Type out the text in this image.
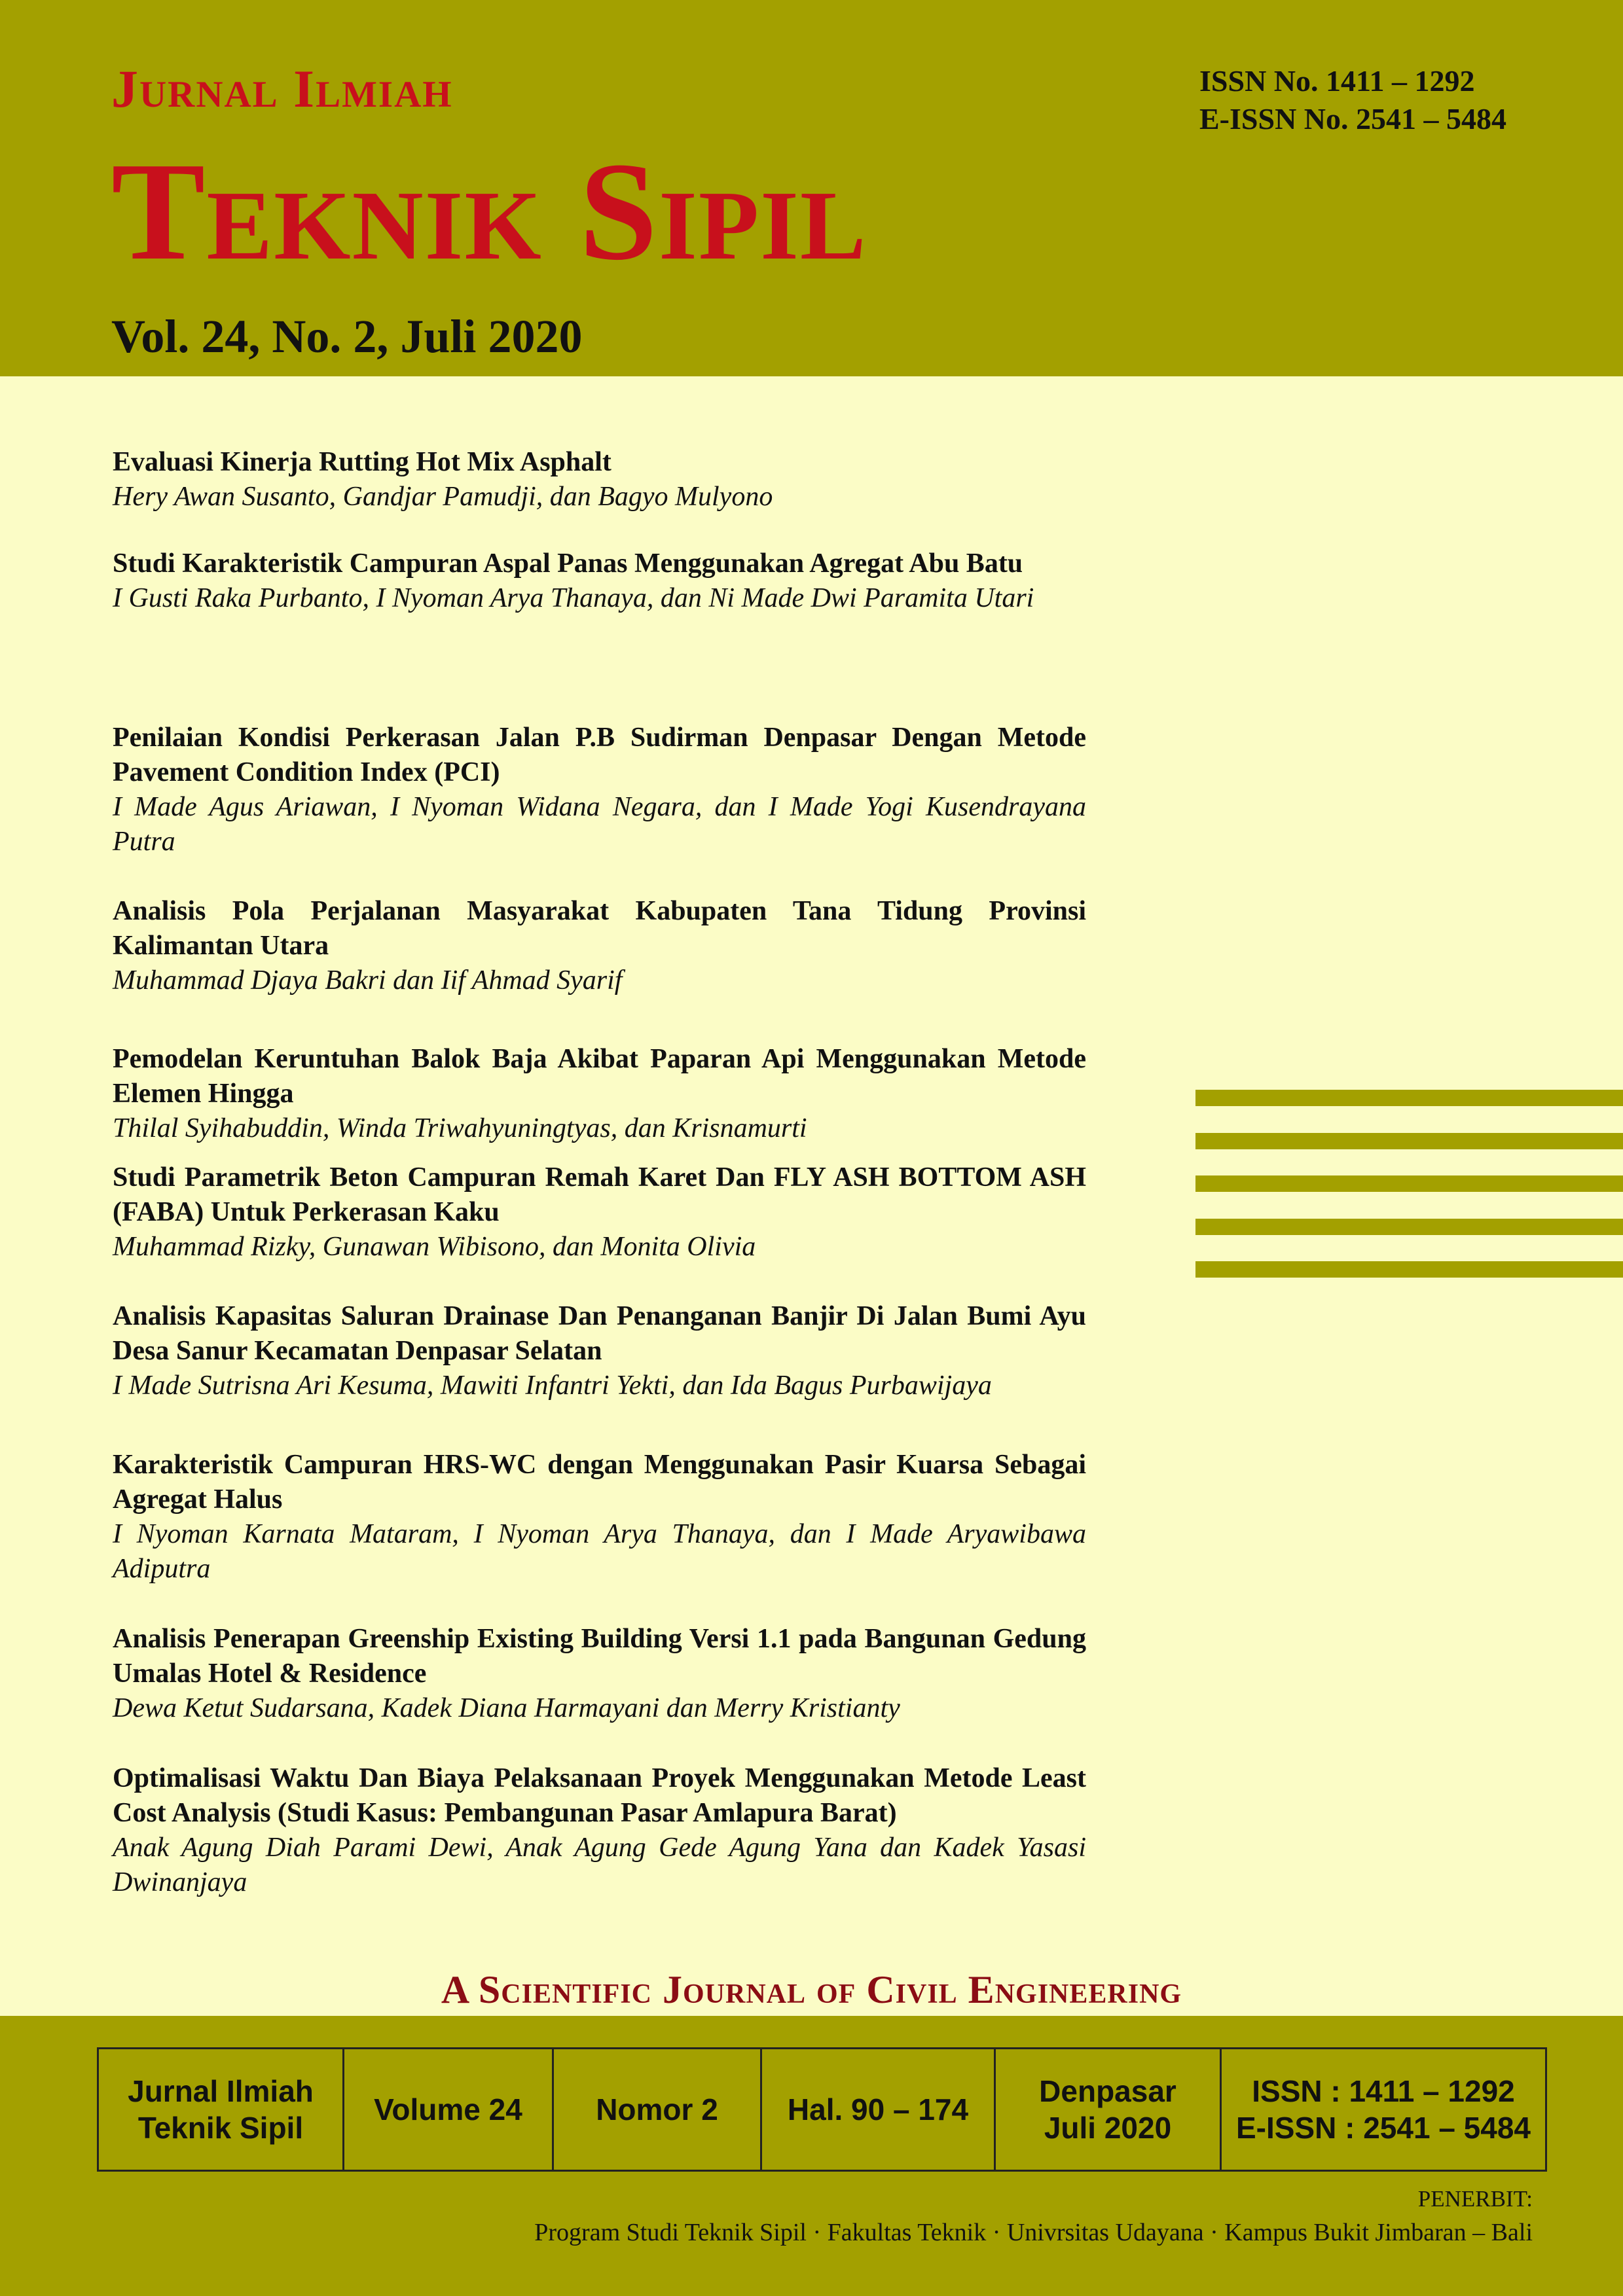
Jurnal Ilmiah
Teknik Sipil
ISSN No. 1411 – 1292
E-ISSN No. 2541 – 5484
Vol. 24, No. 2, Juli 2020
Evaluasi Kinerja Rutting Hot Mix Asphalt
Hery Awan Susanto, Gandjar Pamudji, dan Bagyo Mulyono
Studi Karakteristik Campuran Aspal Panas Menggunakan Agregat Abu Batu
I Gusti Raka Purbanto, I Nyoman Arya Thanaya, dan Ni Made Dwi Paramita Utari
Penilaian Kondisi Perkerasan Jalan P.B Sudirman Denpasar Dengan Metode Pavement Condition Index (PCI)
I Made Agus Ariawan, I Nyoman Widana Negara, dan I Made Yogi Kusendrayana Putra
Analisis Pola Perjalanan Masyarakat Kabupaten Tana Tidung Provinsi Kalimantan Utara
Muhammad Djaya Bakri dan Iif Ahmad Syarif
Pemodelan Keruntuhan Balok Baja Akibat Paparan Api Menggunakan Metode Elemen Hingga
Thilal Syihabuddin, Winda Triwahyuningtyas, dan Krisnamurti
Studi Parametrik Beton Campuran Remah Karet Dan FLY ASH BOTTOM ASH (FABA) Untuk Perkerasan Kaku
Muhammad Rizky, Gunawan Wibisono, dan Monita Olivia
Analisis Kapasitas Saluran Drainase Dan Penanganan Banjir Di Jalan Bumi Ayu Desa Sanur Kecamatan Denpasar Selatan
I Made Sutrisna Ari Kesuma, Mawiti Infantri Yekti, dan Ida Bagus Purbawijaya
Karakteristik Campuran HRS-WC dengan Menggunakan Pasir Kuarsa Sebagai Agregat Halus
I Nyoman Karnata Mataram, I Nyoman Arya Thanaya, dan I Made Aryawibawa Adiputra
Analisis Penerapan Greenship Existing Building Versi 1.1 pada Bangunan Gedung Umalas Hotel & Residence
Dewa Ketut Sudarsana, Kadek Diana Harmayani dan Merry Kristianty
Optimalisasi Waktu Dan Biaya Pelaksanaan Proyek Menggunakan Metode Least Cost Analysis (Studi Kasus: Pembangunan Pasar Amlapura Barat)
Anak Agung Diah Parami Dewi, Anak Agung Gede Agung Yana dan Kadek Yasasi Dwinanjaya
A Scientific Journal of Civil Engineering
Jurnal Ilmiah
Teknik Sipil
Volume 24 Nomor 2 Hal. 90 – 174
Denpasar
Juli 2020
ISSN : 1411 – 1292
E-ISSN : 2541 – 5484
PENERBIT:
Program Studi Teknik Sipil · Fakultas Teknik · Univrsitas Udayana · Kampus Bukit Jimbaran – Bali
